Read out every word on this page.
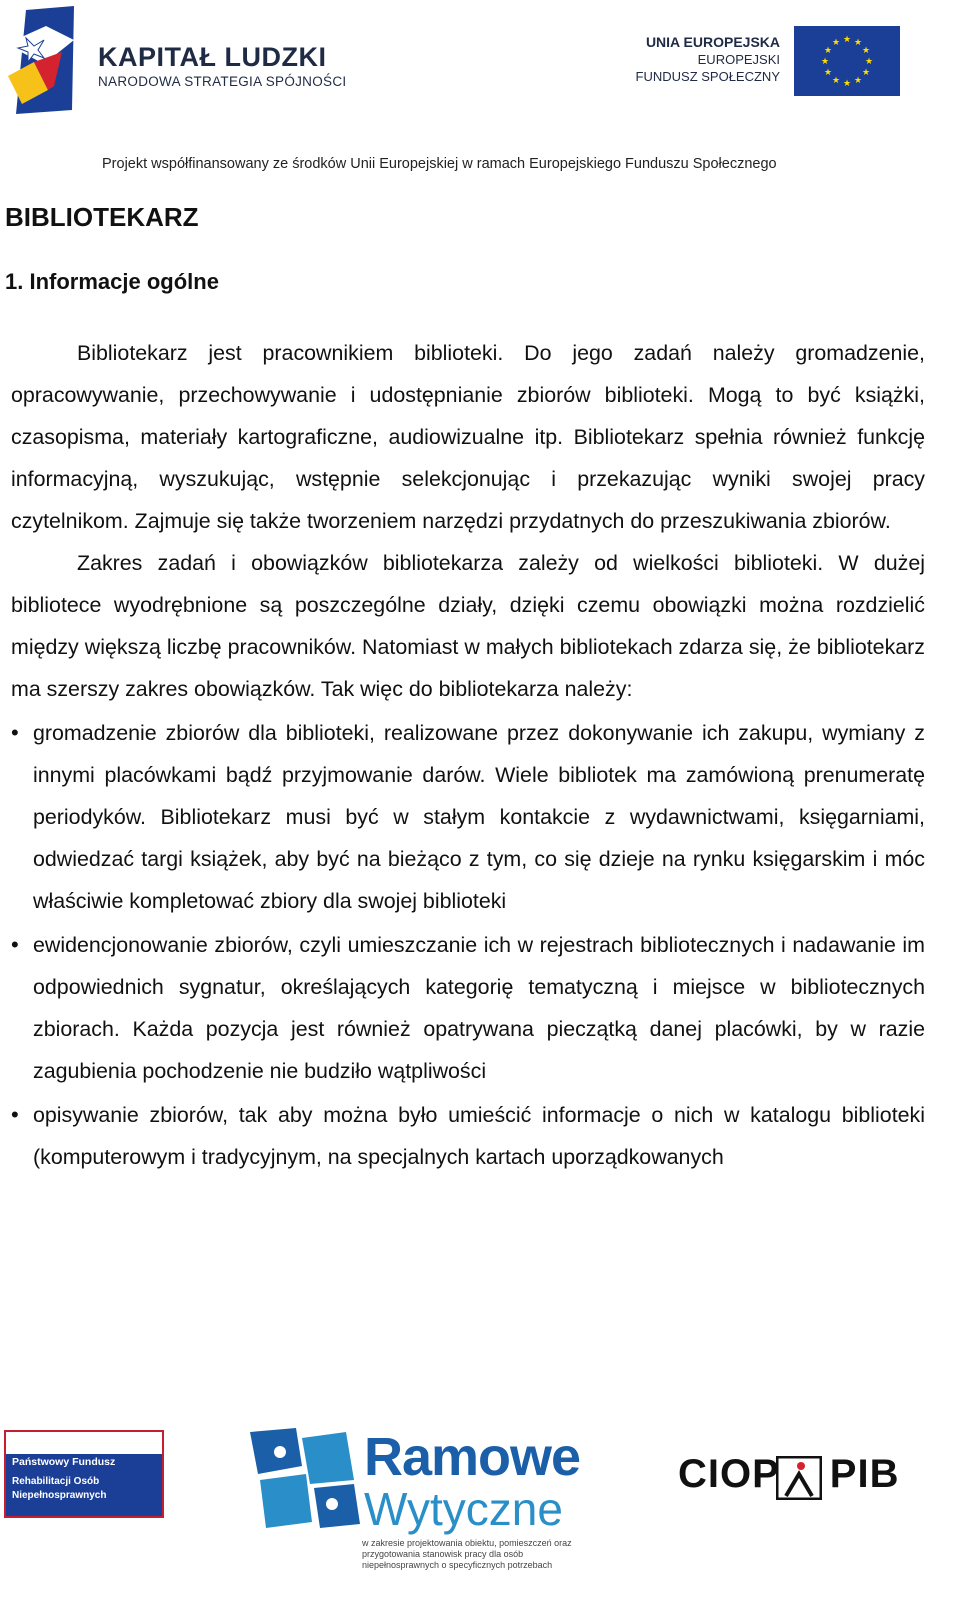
KAPITAŁ LUDZKI
NARODOWA STRATEGIA SPÓJNOŚCI
UNIA EUROPEJSKA
EUROPEJSKI
FUNDUSZ SPOŁECZNY
★ ★
★
★
★
★
★
★
★
★
★
★
Projekt współfinansowany ze środków Unii Europejskiej w ramach Europejskiego Funduszu Społecznego
BIBLIOTEKARZ
1. Informacje ogólne

Bibliotekarz jest pracownikiem biblioteki. Do jego zadań należy gromadzenie, opracowywanie, przechowywanie i udostępnianie zbiorów biblioteki. Mogą to być książki, czasopisma, materiały kartograficzne, audiowizualne itp. Bibliotekarz spełnia również funkcję informacyjną, wyszukując, wstępnie selekcjonując i przekazując wyniki swojej pracy czytelnikom. Zajmuje się także tworzeniem narzędzi przydatnych do przeszukiwania zbiorów.

Zakres zadań i obowiązków bibliotekarza zależy od wielkości biblioteki. W dużej bibliotece wyodrębnione są poszczególne działy, dzięki czemu obowiązki można rozdzielić między większą liczbę pracowników. Natomiast w małych bibliotekach zdarza się, że bibliotekarz ma szerszy zakres obowiązków. Tak więc do bibliotekarza należy:

• gromadzenie zbiorów dla biblioteki, realizowane przez dokonywanie ich zakupu, wymiany z innymi placówkami bądź przyjmowanie darów. Wiele bibliotek ma zamówioną prenumeratę periodyków. Bibliotekarz musi być w stałym kontakcie z wydawnictwami, księgarniami, odwiedzać targi książek, aby być na bieżąco z tym, co się dzieje na rynku księgarskim i móc właściwie kompletować zbiory dla swojej biblioteki
• ewidencjonowanie zbiorów, czyli umieszczanie ich w rejestrach bibliotecznych i nadawanie im odpowiednich sygnatur, określających kategorię tematyczną i miejsce w bibliotecznych zbiorach. Każda pozycja jest również opatrywana pieczątką danej placówki, by w razie zagubienia pochodzenie nie budziło wątpliwości
• opisywanie zbiorów, tak aby można było umieścić informacje o nich w katalogu biblioteki (komputerowym i tradycyjnym, na specjalnych kartach uporządkowanych
Państwowy Fundusz
Rehabilitacji Osób
Niepełnosprawnych
Ramowe
Wytyczne
w zakresie projektowania obiektu, pomieszczeń oraz przygotowania stanowisk pracy dla osób niepełnosprawnych o specyficznych potrzebach
CIOP PIB
